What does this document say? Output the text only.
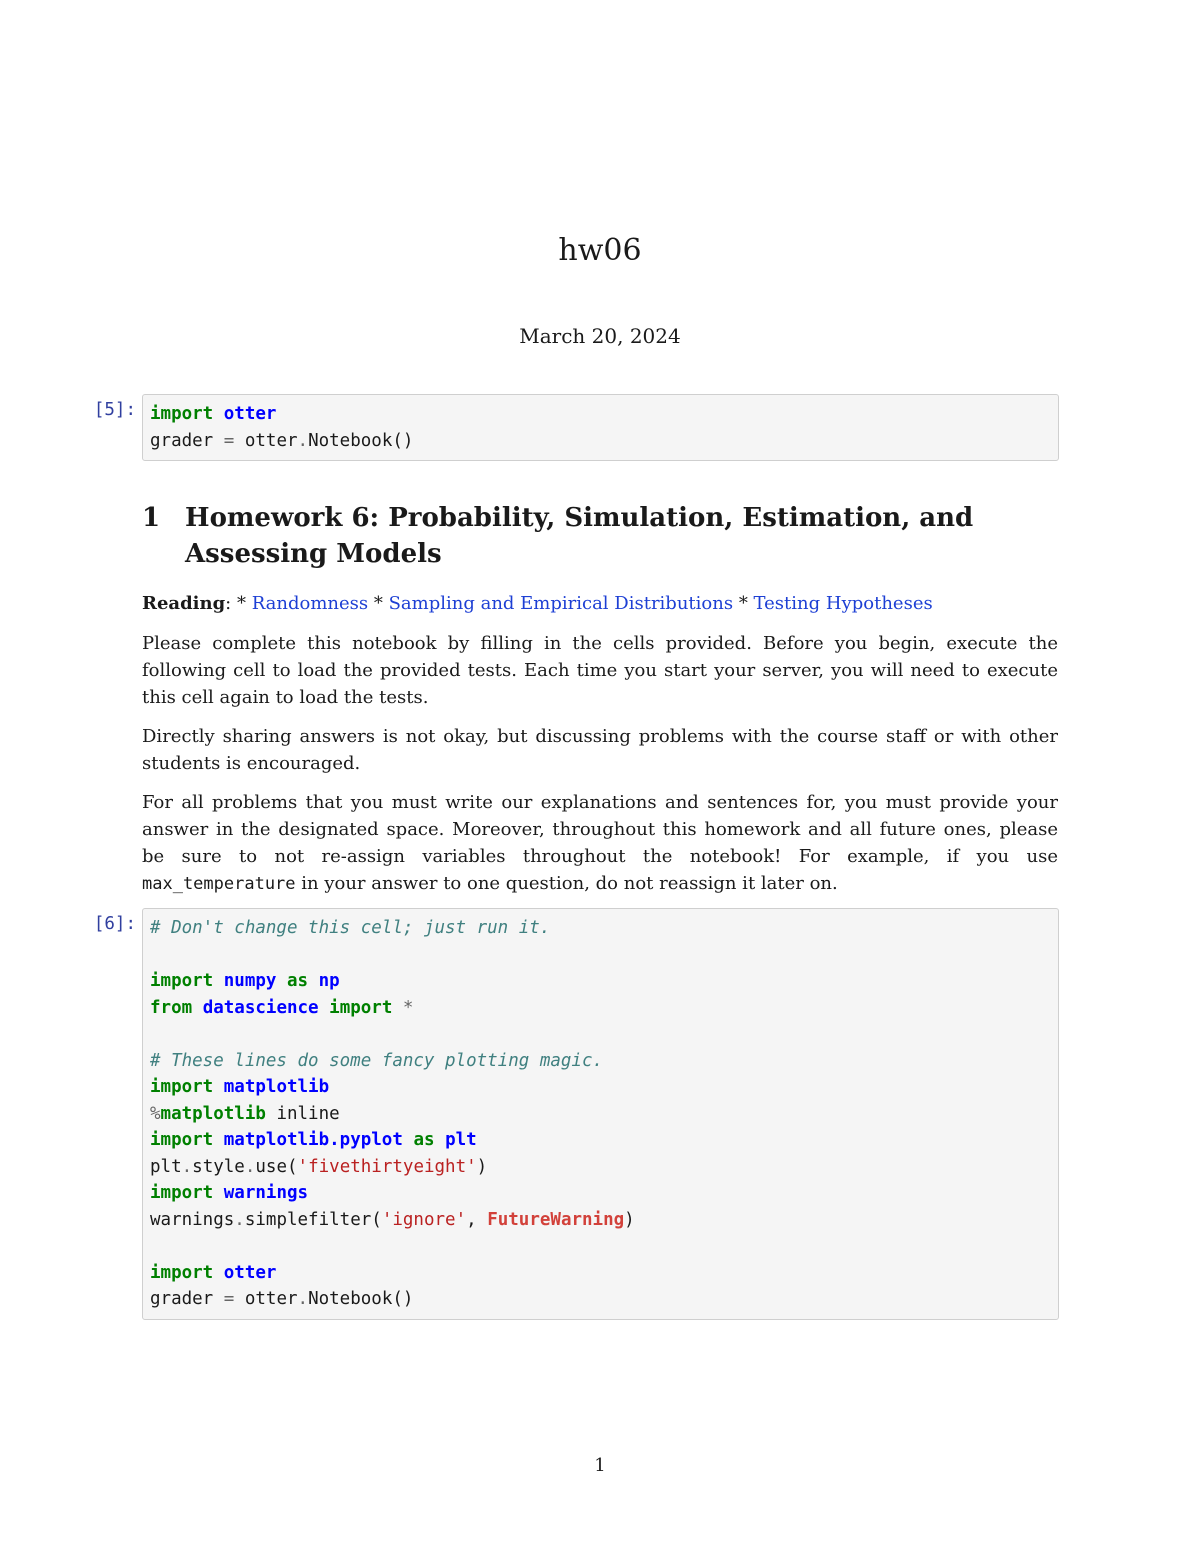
hw06
March 20, 2024
[5]: import otter
grader = otter.Notebook()
1 Homework 6: Probability, Simulation, Estimation, and Assessing Models
Reading: * Randomness * Sampling and Empirical Distributions * Testing Hypotheses
Please complete this notebook by filling in the cells provided. Before you begin, execute the following cell to load the provided tests. Each time you start your server, you will need to execute this cell again to load the tests.
Directly sharing answers is not okay, but discussing problems with the course staff or with other students is encouraged.
For all problems that you must write our explanations and sentences for, you must provide your answer in the designated space. Moreover, throughout this homework and all future ones, please be sure to not re-assign variables throughout the notebook! For example, if you use max_temperature in your answer to one question, do not reassign it later on.
[6]: # Don't change this cell; just run it.
import numpy as np
from datascience import *
# These lines do some fancy plotting magic.
import matplotlib
%matplotlib inline
import matplotlib.pyplot as plt
plt.style.use('fivethirtyeight')
import warnings
warnings.simplefilter('ignore', FutureWarning)
import otter
grader = otter.Notebook()
1
